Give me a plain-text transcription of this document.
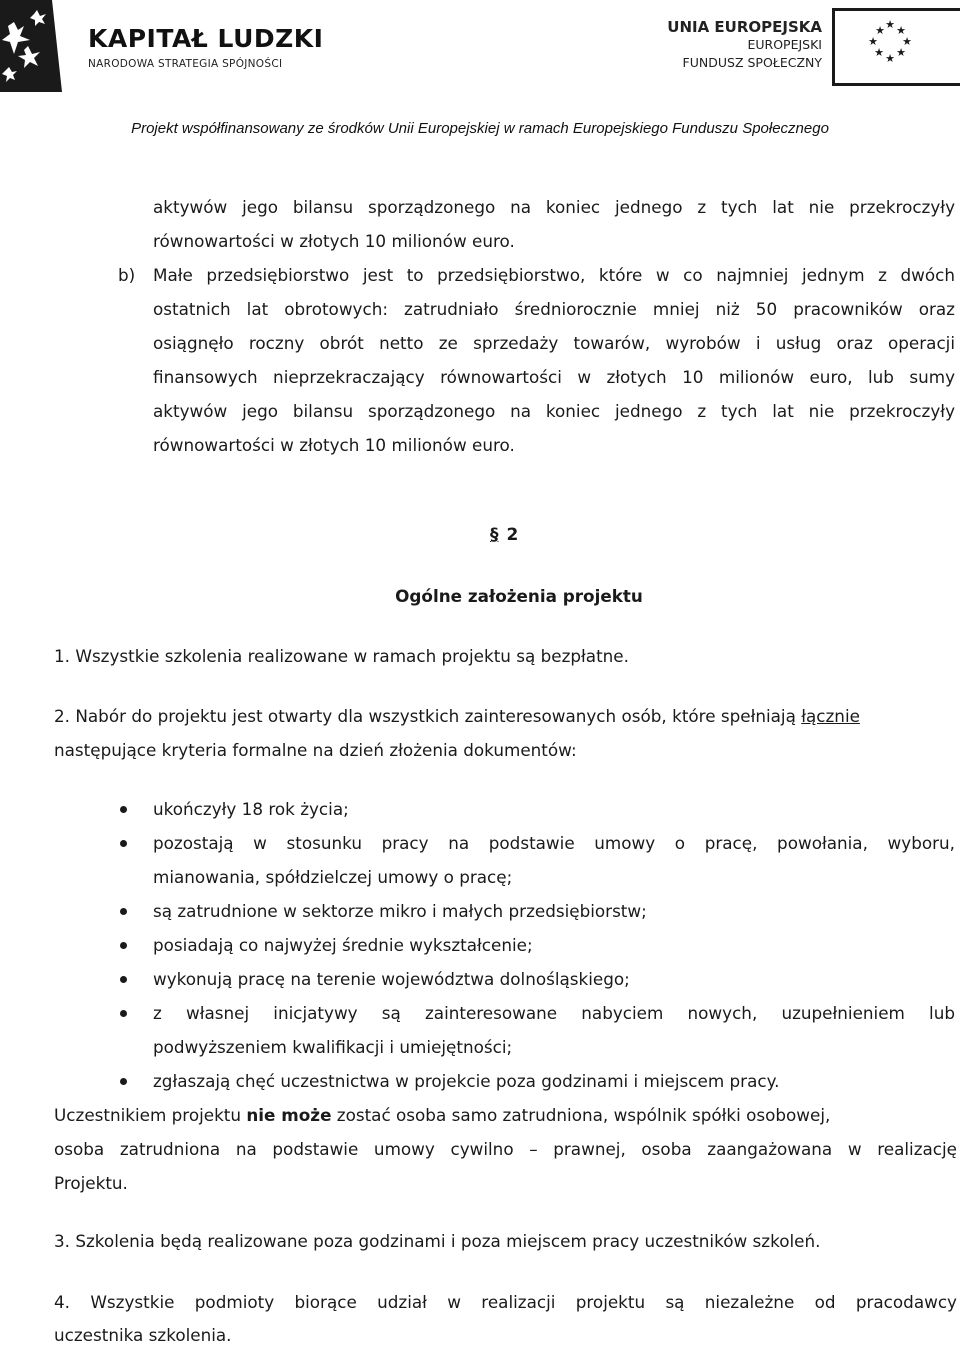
KAPITAŁ LUDZKI
NARODOWA STRATEGIA SPÓJNOŚCI
UNIA EUROPEJSKA
EUROPEJSKI
FUNDUSZ SPOŁECZNY
★ ★ ★
★
★
★
★
★
Projekt współfinansowany ze środków Unii Europejskiej w ramach Europejskiego Funduszu Społecznego
aktywów jego bilansu sporządzonego na koniec jednego z tych lat nie przekroczyły
równowartości w złotych 10 milionów euro.
b) Małe przedsiębiorstwo jest to przedsiębiorstwo, które w co najmniej jednym z dwóch
ostatnich lat obrotowych: zatrudniało średniorocznie mniej niż 50 pracowników oraz
osiągnęło roczny obrót netto ze sprzedaży towarów, wyrobów i usług oraz operacji
finansowych nieprzekraczający równowartości w złotych 10 milionów euro, lub sumy
aktywów jego bilansu sporządzonego na koniec jednego z tych lat nie przekroczyły
równowartości w złotych 10 milionów euro.
§ 2
Ogólne założenia projektu
1. Wszystkie szkolenia realizowane w ramach projektu są bezpłatne.
2. Nabór do projektu jest otwarty dla wszystkich zainteresowanych osób, które spełniają łącznie
następujące kryteria formalne na dzień złożenia dokumentów:
ukończyły 18 rok życia;
pozostają w stosunku pracy na podstawie umowy o pracę, powołania, wyboru,
mianowania, spółdzielczej umowy o pracę;
są zatrudnione w sektorze mikro i małych przedsiębiorstw;
posiadają co najwyżej średnie wykształcenie;
wykonują pracę na terenie województwa dolnośląskiego;
z własnej inicjatywy są zainteresowane nabyciem nowych, uzupełnieniem lub
podwyższeniem kwalifikacji i umiejętności;
zgłaszają chęć uczestnictwa w projekcie poza godzinami i miejscem pracy.
Uczestnikiem projektu nie może zostać osoba samo zatrudniona, wspólnik spółki osobowej,
osoba zatrudniona na podstawie umowy cywilno – prawnej, osoba zaangażowana w realizację
Projektu.
3. Szkolenia będą realizowane poza godzinami i poza miejscem pracy uczestników szkoleń.
4. Wszystkie podmioty biorące udział w realizacji projektu są niezależne od pracodawcy
uczestnika szkolenia.
